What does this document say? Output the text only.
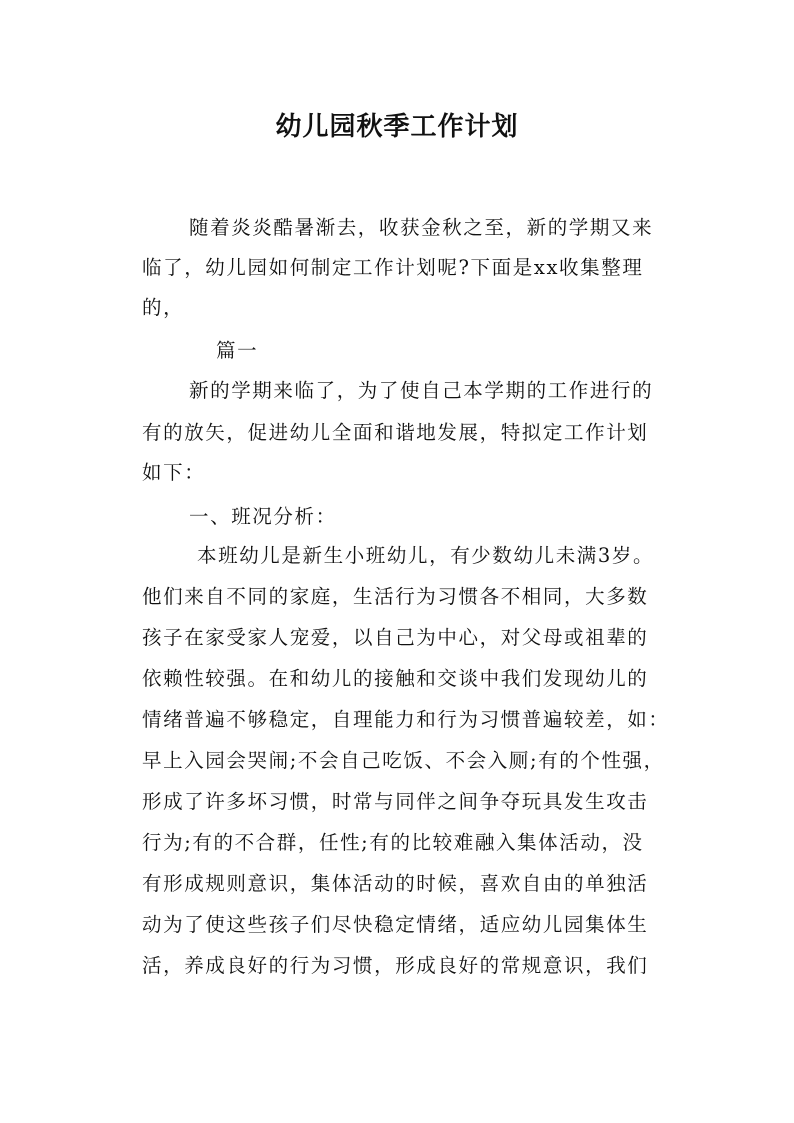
幼儿园秋季工作计划

随着炎炎酷暑渐去，收获金秋之至，新的学期又来

临了，幼儿园如何制定工作计划呢?下面是xx收集整理

的，

篇一

新的学期来临了，为了使自己本学期的工作进行的

有的放矢，促进幼儿全面和谐地发展，特拟定工作计划

如下：

一、班况分析：

本班幼儿是新生小班幼儿，有少数幼儿未满3岁。

他们来自不同的家庭，生活行为习惯各不相同，大多数

孩子在家受家人宠爱，以自己为中心，对父母或祖辈的

依赖性较强。在和幼儿的接触和交谈中我们发现幼儿的

情绪普遍不够稳定，自理能力和行为习惯普遍较差，如：

早上入园会哭闹;不会自己吃饭、不会入厕;有的个性强，

形成了许多坏习惯，时常与同伴之间争夺玩具发生攻击

行为;有的不合群，任性;有的比较难融入集体活动，没

有形成规则意识，集体活动的时候，喜欢自由的单独活

动为了使这些孩子们尽快稳定情绪，适应幼儿园集体生

活，养成良好的行为习惯，形成良好的常规意识，我们
